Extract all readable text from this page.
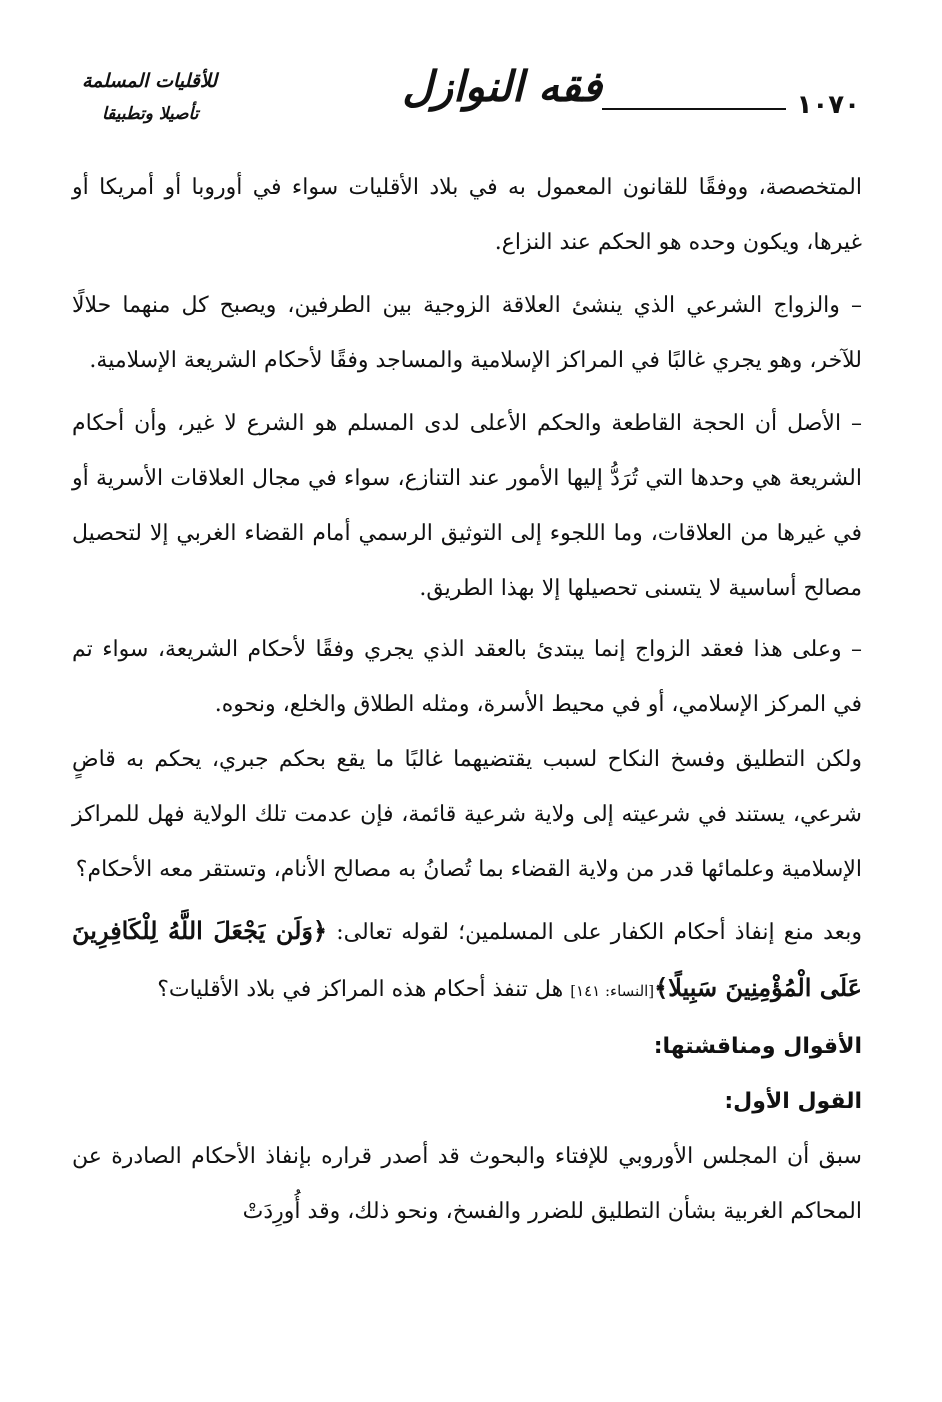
١٠٧٠
فقه النوازل
للأقليات المسلمة
تأصيلا وتطبيقا

المتخصصة، ووفقًا للقانون المعمول به في بلاد الأقليات سواء في أوروبا أو أمريكا أو غيرها، ويكون وحده هو الحكم عند النزاع.

– والزواج الشرعي الذي ينشئ العلاقة الزوجية بين الطرفين، ويصبح كل منهما حلالًا للآخر، وهو يجري غالبًا في المراكز الإسلامية والمساجد وفقًا لأحكام الشريعة الإسلامية.

– الأصل أن الحجة القاطعة والحكم الأعلى لدى المسلم هو الشرع لا غير، وأن أحكام الشريعة هي وحدها التي تُرَدُّ إليها الأمور عند التنازع، سواء في مجال العلاقات الأسرية أو في غيرها من العلاقات، وما اللجوء إلى التوثيق الرسمي أمام القضاء الغربي إلا لتحصيل مصالح أساسية لا يتسنى تحصيلها إلا بهذا الطريق.

– وعلى هذا فعقد الزواج إنما يبتدئ بالعقد الذي يجري وفقًا لأحكام الشريعة، سواء تم في المركز الإسلامي، أو في محيط الأسرة، ومثله الطلاق والخلع، ونحوه.

ولكن التطليق وفسخ النكاح لسبب يقتضيهما غالبًا ما يقع بحكم جبري، يحكم به قاضٍ شرعي، يستند في شرعيته إلى ولاية شرعية قائمة، فإن عدمت تلك الولاية فهل للمراكز الإسلامية وعلمائها قدر من ولاية القضاء بما تُصانُ به مصالح الأنام، وتستقر معه الأحكام؟

وبعد منع إنفاذ أحكام الكفار على المسلمين؛ لقوله تعالى: ﴿وَلَن يَجْعَلَ اللَّهُ لِلْكَافِرِينَ عَلَى الْمُؤْمِنِينَ سَبِيلًا﴾[النساء: ١٤١] هل تنفذ أحكام هذه المراكز في بلاد الأقليات؟

الأقوال ومناقشتها:

القول الأول:

سبق أن المجلس الأوروبي للإفتاء والبحوث قد أصدر قراره بإنفاذ الأحكام الصادرة عن المحاكم الغربية بشأن التطليق للضرر والفسخ، ونحو ذلك، وقد أُورِدَتْ
